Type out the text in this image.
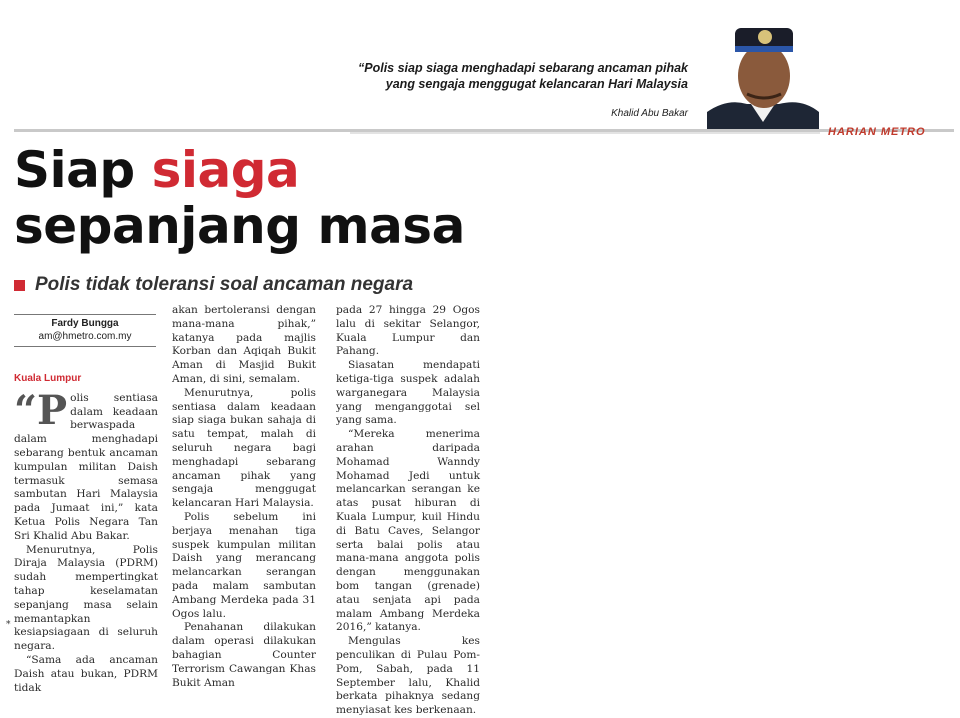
“Polis siap siaga menghadapi sebarang ancaman pihak yang sengaja menggugat kelancaran Hari Malaysia
Khalid Abu Bakar
HARIAN METRO
Siap siaga
sepanjang masa
Polis tidak toleransi soal ancaman negara
Fardy Bungga
am@hmetro.com.my
Kuala Lumpur

“Polis sentiasa dalam keadaan berwaspada dalam menghadapi sebarang bentuk ancaman kumpulan militan Daish termasuk semasa sambutan Hari Malaysia pada Jumaat ini,” kata Ketua Polis Negara Tan Sri Khalid Abu Bakar.

Menurutnya, Polis Diraja Malaysia (PDRM) sudah mempertingkat tahap keselamatan sepanjang masa selain memantapkan kesiapsiagaan di seluruh negara.

“Sama ada ancaman Daish atau bukan, PDRM tidak

akan bertoleransi dengan mana-mana pihak,” katanya pada majlis Korban dan Aqiqah Bukit Aman di Masjid Bukit Aman, di sini, semalam.

Menurutnya, polis sentiasa dalam keadaan siap siaga bukan sahaja di satu tempat, malah di seluruh negara bagi menghadapi sebarang ancaman pihak yang sengaja menggugat kelancaran Hari Malaysia.

Polis sebelum ini berjaya menahan tiga suspek kumpulan militan Daish yang merancang melancarkan serangan pada malam sambutan Ambang Merdeka pada 31 Ogos lalu.

Penahanan dilakukan dalam operasi dilakukan bahagian Counter Terrorism Cawangan Khas Bukit Aman

pada 27 hingga 29 Ogos lalu di sekitar Selangor, Kuala Lumpur dan Pahang.

Siasatan mendapati ketiga-tiga suspek adalah warganegara Malaysia yang menganggotai sel yang sama.

“Mereka menerima arahan daripada Mohamad Wanndy Mohamad Jedi untuk melancarkan serangan ke atas pusat hiburan di Kuala Lumpur, kuil Hindu di Batu Caves, Selangor serta balai polis atau mana-mana anggota polis dengan menggunakan bom tangan (grenade) atau senjata api pada malam Ambang Merdeka 2016,” katanya.

Mengulas kes penculikan di Pulau Pom-Pom, Sabah, pada 11 September lalu, Khalid berkata pihaknya sedang menyiasat kes berkenaan.

*
